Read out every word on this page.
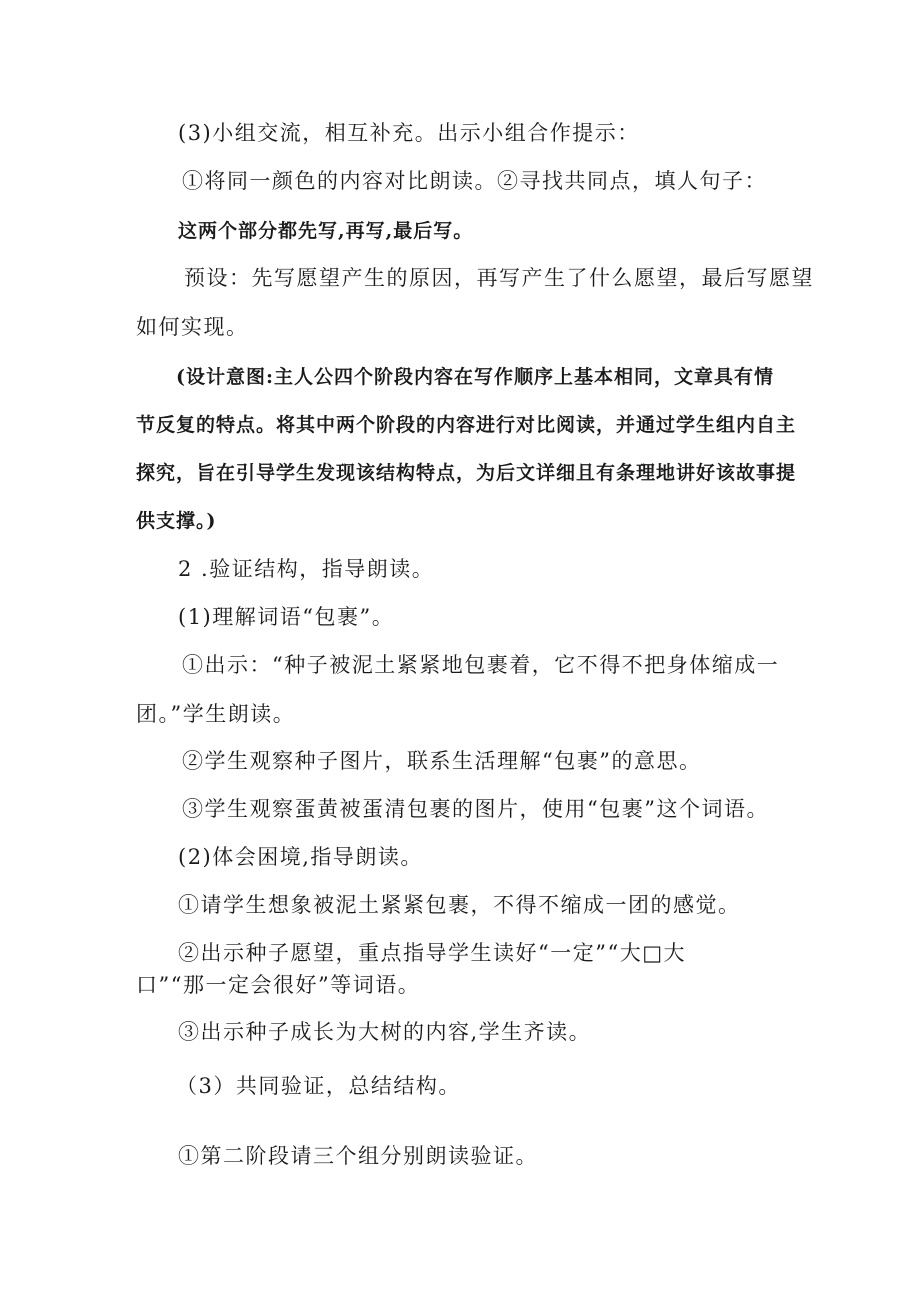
(3)小组交流，相互补充。出示小组合作提示：
①将同一颜色的内容对比朗读。②寻找共同点，填人句子：
这两个部分都先写,再写,最后写。
预设：先写愿望产生的原因，再写产生了什么愿望，最后写愿望
如何实现。
(设计意图:主人公四个阶段内容在写作顺序上基本相同，文章具有情
节反复的特点。将其中两个阶段的内容进行对比阅读，并通过学生组内自主
探究，旨在引导学生发现该结构特点，为后文详细且有条理地讲好该故事提
供支撑。)
2 .验证结构，指导朗读。
(1)理解词语“包裹”。
①出示：“种子被泥土紧紧地包裹着，它不得不把身体缩成一
团。”学生朗读。
②学生观察种子图片，联系生活理解“包裹”的意思。
③学生观察蛋黄被蛋清包裹的图片，使用“包裹”这个词语。
(2)体会困境,指导朗读。
①请学生想象被泥土紧紧包裹，不得不缩成一团的感觉。
②出示种子愿望，重点指导学生读好“一定”“大□大
口”“那一定会很好”等词语。
③出示种子成长为大树的内容,学生齐读。
（3）共同验证，总结结构。
①第二阶段请三个组分别朗读验证。
